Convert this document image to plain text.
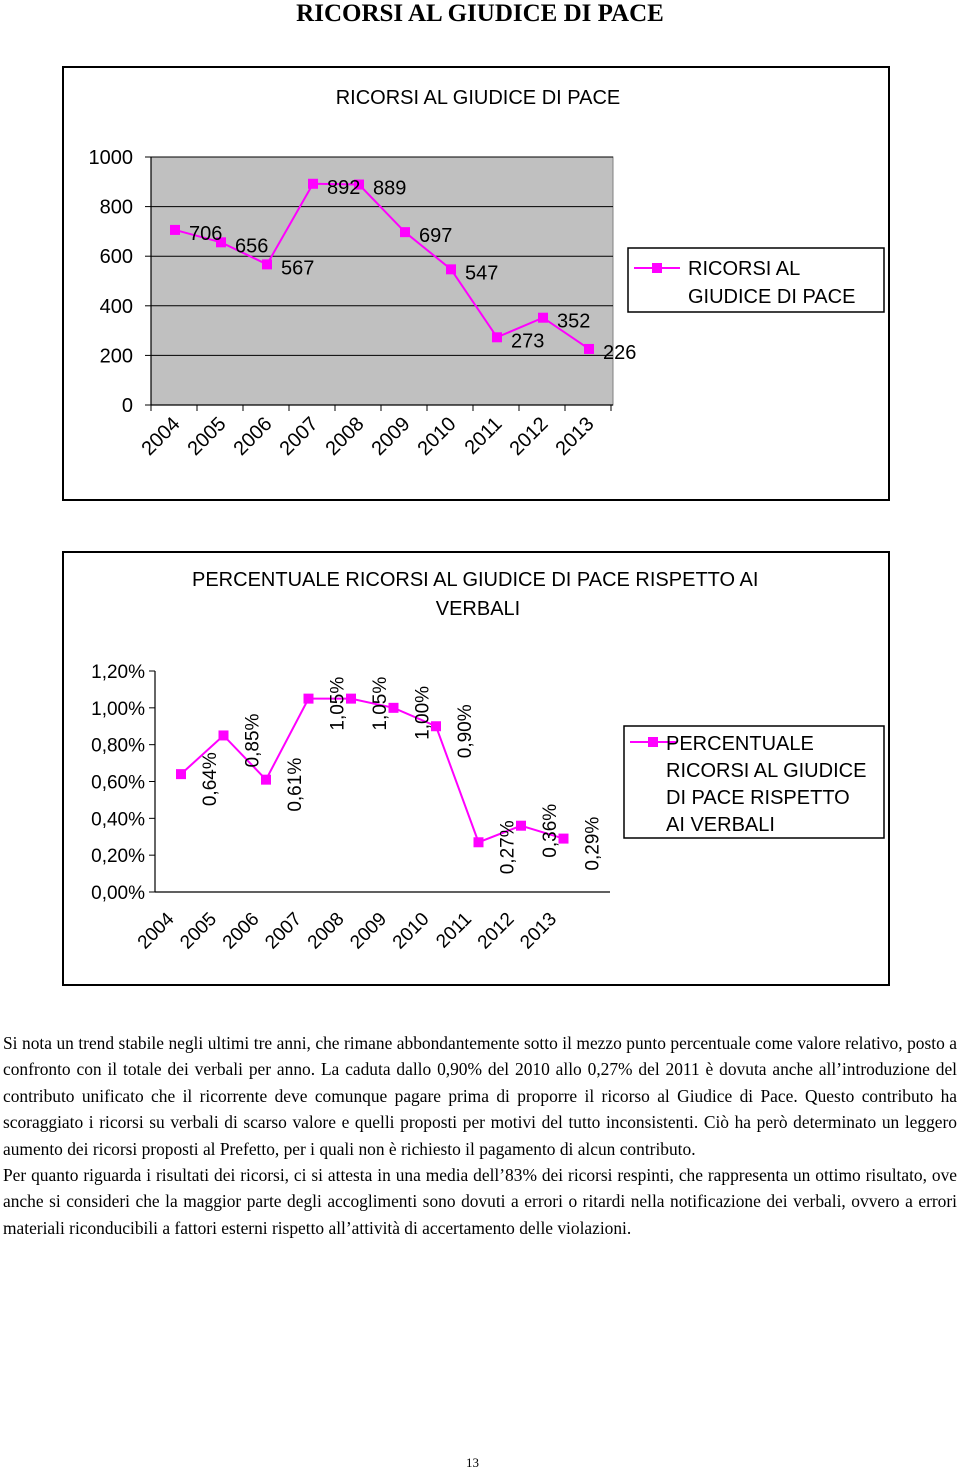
RICORSI AL GIUDICE DI PACE
RICORSI AL GIUDICE DI PACE
0
200
400
600
800
1000
2004
2005
2006
2007
2008
2009
2010 2011
2012
2013
706
656
567
892 889
697
547
273
352
226
RICORSI AL GIUDICE DI PACE
PERCENTUALE RICORSI AL GIUDICE DI PACE RISPETTO AI VERBALI
0,00%
0,20%
0,40%
0,60%
0,80%
1,00%
1,20%
2004
2005
2006
2007
2008
2009
2010
2011
2012
2013
0,64%
0,85%
0,61%
1,05% 1,05% 1,00% 0,90%
0,27% 0,36% 0,29%
PERCENTUALE RICORSI AL GIUDICE DI PACE RISPETTO AI VERBALI

Si nota un trend stabile negli ultimi tre anni, che rimane abbondantemente sotto il mezzo punto percentuale come valore relativo, posto a confronto con il totale dei verbali per anno. La caduta dallo 0,90% del 2010 allo 0,27% del 2011 è dovuta anche all’introduzione del contributo unificato che il ricorrente deve comunque pagare prima di proporre il ricorso al Giudice di Pace. Questo contributo ha scoraggiato i ricorsi su verbali di scarso valore e quelli proposti per motivi del tutto inconsistenti. Ciò ha però determinato un leggero aumento dei ricorsi proposti al Prefetto, per i quali non è richiesto il pagamento di alcun contributo.

Per quanto riguarda i risultati dei ricorsi, ci si attesta in una media dell’83% dei ricorsi respinti, che rappresenta un ottimo risultato, ove anche si consideri che la maggior parte degli accoglimenti sono dovuti a errori o ritardi nella notificazione dei verbali, ovvero a errori materiali riconducibili a fattori esterni rispetto all’attività di accertamento delle violazioni.

13
